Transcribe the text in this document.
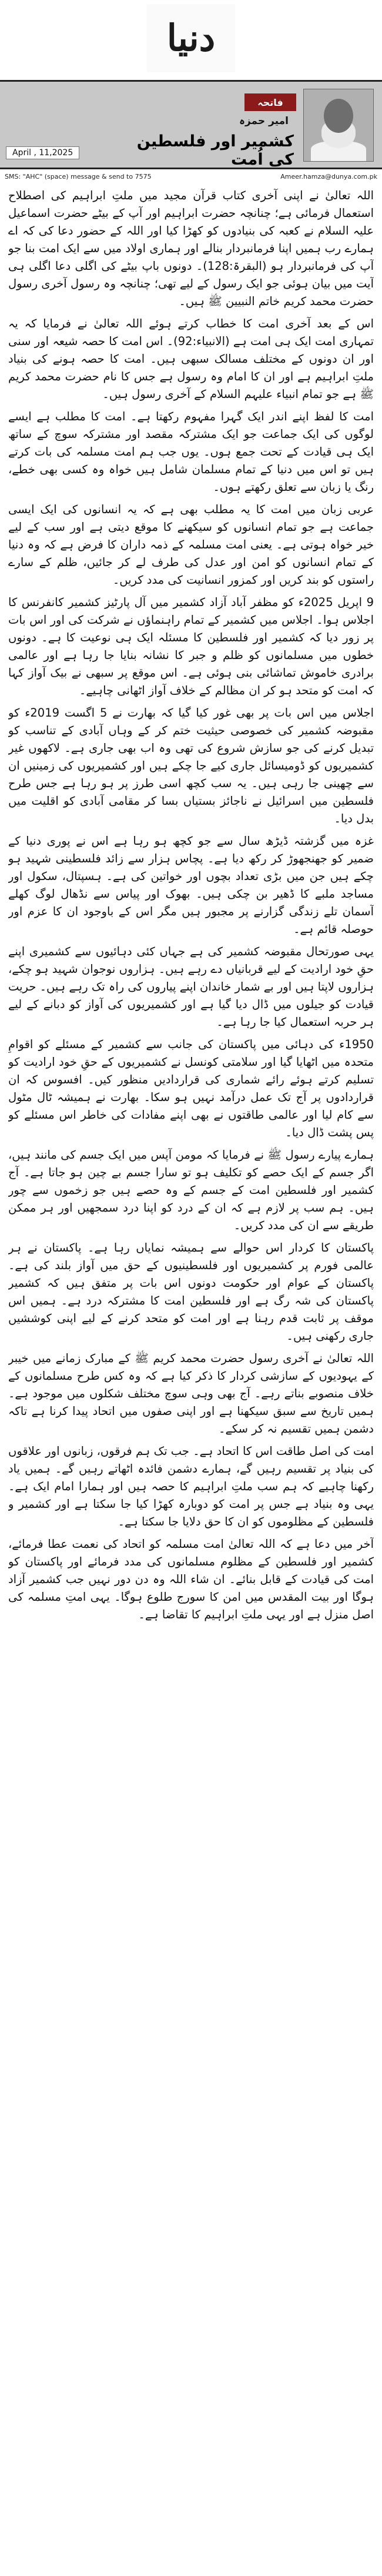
دنیا
فاتحہ
امیر حمزہ
کشمیر اور فلسطین کی اُمت
April , 11,2025
SMS: "AHC" (space) message & send to 7575	Ameer.hamza@dunya.com.pk

اللہ تعالیٰ نے اپنی آخری کتاب قرآن مجید میں ملتِ ابراہیم کی اصطلاح استعمال فرمائی ہے؛ چنانچہ حضرت ابراہیم اور آپ کے بیٹے حضرت اسماعیل علیہ السلام نے کعبہ کی بنیادوں کو کھڑا کیا اور اللہ کے حضور دعا کی کہ اے ہمارے رب ہمیں اپنا فرمانبردار بنالے اور ہماری اولاد میں سے ایک امت بنا جو آپ کی فرمانبردار ہو (البقرۃ:128)۔ دونوں باپ بیٹے کی اگلی دعا اگلی ہی آیت میں بیان ہوئی جو ایک رسول کے لیے تھی؛ چنانچہ وہ رسول آخری رسول حضرت محمد کریم خاتم النبیین ﷺ ہیں۔

اس کے بعد آخری امت کا خطاب کرتے ہوئے اللہ تعالیٰ نے فرمایا کہ یہ تمہاری امت ایک ہی امت ہے (الانبیاء:92)۔ اس امت کا حصہ شیعہ اور سنی اور ان دونوں کے مختلف مسالک سبھی ہیں۔ امت کا حصہ ہونے کی بنیاد ملتِ ابراہیم ہے اور ان کا امام وہ رسول ہے جس کا نام حضرت محمد کریم ﷺ ہے جو تمام انبیاء علیہم السلام کے آخری رسول ہیں۔

امت کا لفظ اپنے اندر ایک گہرا مفہوم رکھتا ہے۔ امت کا مطلب ہے ایسے لوگوں کی ایک جماعت جو ایک مشترکہ مقصد اور مشترکہ سوچ کے ساتھ ایک ہی قیادت کے تحت جمع ہوں۔ یوں جب ہم امت مسلمہ کی بات کرتے ہیں تو اس میں دنیا کے تمام مسلمان شامل ہیں خواہ وہ کسی بھی خطے، رنگ یا زبان سے تعلق رکھتے ہوں۔

عربی زبان میں امت کا یہ مطلب بھی ہے کہ یہ انسانوں کی ایک ایسی جماعت ہے جو تمام انسانوں کو سیکھنے کا موقع دیتی ہے اور سب کے لیے خیر خواہ ہوتی ہے۔ یعنی امت مسلمہ کے ذمہ داران کا فرض ہے کہ وہ دنیا کے تمام انسانوں کو امن اور عدل کی طرف لے کر جائیں، ظلم کے سارے راستوں کو بند کریں اور کمزور انسانیت کی مدد کریں۔

9 اپریل 2025ء کو مظفر آباد آزاد کشمیر میں آل پارٹیز کشمیر کانفرنس کا اجلاس ہوا۔ اجلاس میں کشمیر کے تمام راہنماؤں نے شرکت کی اور اس بات پر زور دیا کہ کشمیر اور فلسطین کا مسئلہ ایک ہی نوعیت کا ہے۔ دونوں خطوں میں مسلمانوں کو ظلم و جبر کا نشانہ بنایا جا رہا ہے اور عالمی برادری خاموش تماشائی بنی ہوئی ہے۔ اس موقع پر سبھی نے بیک آواز کہا کہ امت کو متحد ہو کر ان مظالم کے خلاف آواز اٹھانی چاہیے۔

اجلاس میں اس بات پر بھی غور کیا گیا کہ بھارت نے 5 اگست 2019ء کو مقبوضہ کشمیر کی خصوصی حیثیت ختم کر کے وہاں آبادی کے تناسب کو تبدیل کرنے کی جو سازش شروع کی تھی وہ اب بھی جاری ہے۔ لاکھوں غیر کشمیریوں کو ڈومیسائل جاری کیے جا چکے ہیں اور کشمیریوں کی زمینیں ان سے چھینی جا رہی ہیں۔ یہ سب کچھ اسی طرز پر ہو رہا ہے جس طرح فلسطین میں اسرائیل نے ناجائز بستیاں بسا کر مقامی آبادی کو اقلیت میں بدل دیا۔

غزہ میں گزشتہ ڈیڑھ سال سے جو کچھ ہو رہا ہے اس نے پوری دنیا کے ضمیر کو جھنجھوڑ کر رکھ دیا ہے۔ پچاس ہزار سے زائد فلسطینی شہید ہو چکے ہیں جن میں بڑی تعداد بچوں اور خواتین کی ہے۔ ہسپتال، سکول اور مساجد ملبے کا ڈھیر بن چکی ہیں۔ بھوک اور پیاس سے نڈھال لوگ کھلے آسمان تلے زندگی گزارنے پر مجبور ہیں مگر اس کے باوجود ان کا عزم اور حوصلہ قائم ہے۔

یہی صورتحال مقبوضہ کشمیر کی ہے جہاں کئی دہائیوں سے کشمیری اپنے حقِ خود ارادیت کے لیے قربانیاں دے رہے ہیں۔ ہزاروں نوجوان شہید ہو چکے، ہزاروں لاپتا ہیں اور بے شمار خاندان اپنے پیاروں کی راہ تک رہے ہیں۔ حریت قیادت کو جیلوں میں ڈال دیا گیا ہے اور کشمیریوں کی آواز کو دبانے کے لیے ہر حربہ استعمال کیا جا رہا ہے۔

1950ء کی دہائی میں پاکستان کی جانب سے کشمیر کے مسئلے کو اقوامِ متحدہ میں اٹھایا گیا اور سلامتی کونسل نے کشمیریوں کے حقِ خود ارادیت کو تسلیم کرتے ہوئے رائے شماری کی قراردادیں منظور کیں۔ افسوس کہ ان قراردادوں پر آج تک عمل درآمد نہیں ہو سکا۔ بھارت نے ہمیشہ ٹال مٹول سے کام لیا اور عالمی طاقتوں نے بھی اپنے مفادات کی خاطر اس مسئلے کو پس پشت ڈال دیا۔

ہمارے پیارے رسول ﷺ نے فرمایا کہ مومن آپس میں ایک جسم کی مانند ہیں، اگر جسم کے ایک حصے کو تکلیف ہو تو سارا جسم بے چین ہو جاتا ہے۔ آج کشمیر اور فلسطین امت کے جسم کے وہ حصے ہیں جو زخموں سے چور ہیں۔ ہم سب پر لازم ہے کہ ان کے درد کو اپنا درد سمجھیں اور ہر ممکن طریقے سے ان کی مدد کریں۔

پاکستان کا کردار اس حوالے سے ہمیشہ نمایاں رہا ہے۔ پاکستان نے ہر عالمی فورم پر کشمیریوں اور فلسطینیوں کے حق میں آواز بلند کی ہے۔ پاکستان کے عوام اور حکومت دونوں اس بات پر متفق ہیں کہ کشمیر پاکستان کی شہ رگ ہے اور فلسطین امت کا مشترکہ درد ہے۔ ہمیں اس موقف پر ثابت قدم رہنا ہے اور امت کو متحد کرنے کے لیے اپنی کوششیں جاری رکھنی ہیں۔

اللہ تعالیٰ نے آخری رسول حضرت محمد کریم ﷺ کے مبارک زمانے میں خیبر کے یہودیوں کے سازشی کردار کا ذکر کیا ہے کہ وہ کس طرح مسلمانوں کے خلاف منصوبے بناتے رہے۔ آج بھی وہی سوچ مختلف شکلوں میں موجود ہے۔ ہمیں تاریخ سے سبق سیکھنا ہے اور اپنی صفوں میں اتحاد پیدا کرنا ہے تاکہ دشمن ہمیں تقسیم نہ کر سکے۔

امت کی اصل طاقت اس کا اتحاد ہے۔ جب تک ہم فرقوں، زبانوں اور علاقوں کی بنیاد پر تقسیم رہیں گے، ہمارے دشمن فائدہ اٹھاتے رہیں گے۔ ہمیں یاد رکھنا چاہیے کہ ہم سب ملتِ ابراہیم کا حصہ ہیں اور ہمارا امام ایک ہے۔ یہی وہ بنیاد ہے جس پر امت کو دوبارہ کھڑا کیا جا سکتا ہے اور کشمیر و فلسطین کے مظلوموں کو ان کا حق دلایا جا سکتا ہے۔

آخر میں دعا ہے کہ اللہ تعالیٰ امت مسلمہ کو اتحاد کی نعمت عطا فرمائے، کشمیر اور فلسطین کے مظلوم مسلمانوں کی مدد فرمائے اور پاکستان کو امت کی قیادت کے قابل بنائے۔ ان شاء اللہ وہ دن دور نہیں جب کشمیر آزاد ہوگا اور بیت المقدس میں امن کا سورج طلوع ہوگا۔ یہی امتِ مسلمہ کی اصل منزل ہے اور یہی ملتِ ابراہیم کا تقاضا ہے۔
